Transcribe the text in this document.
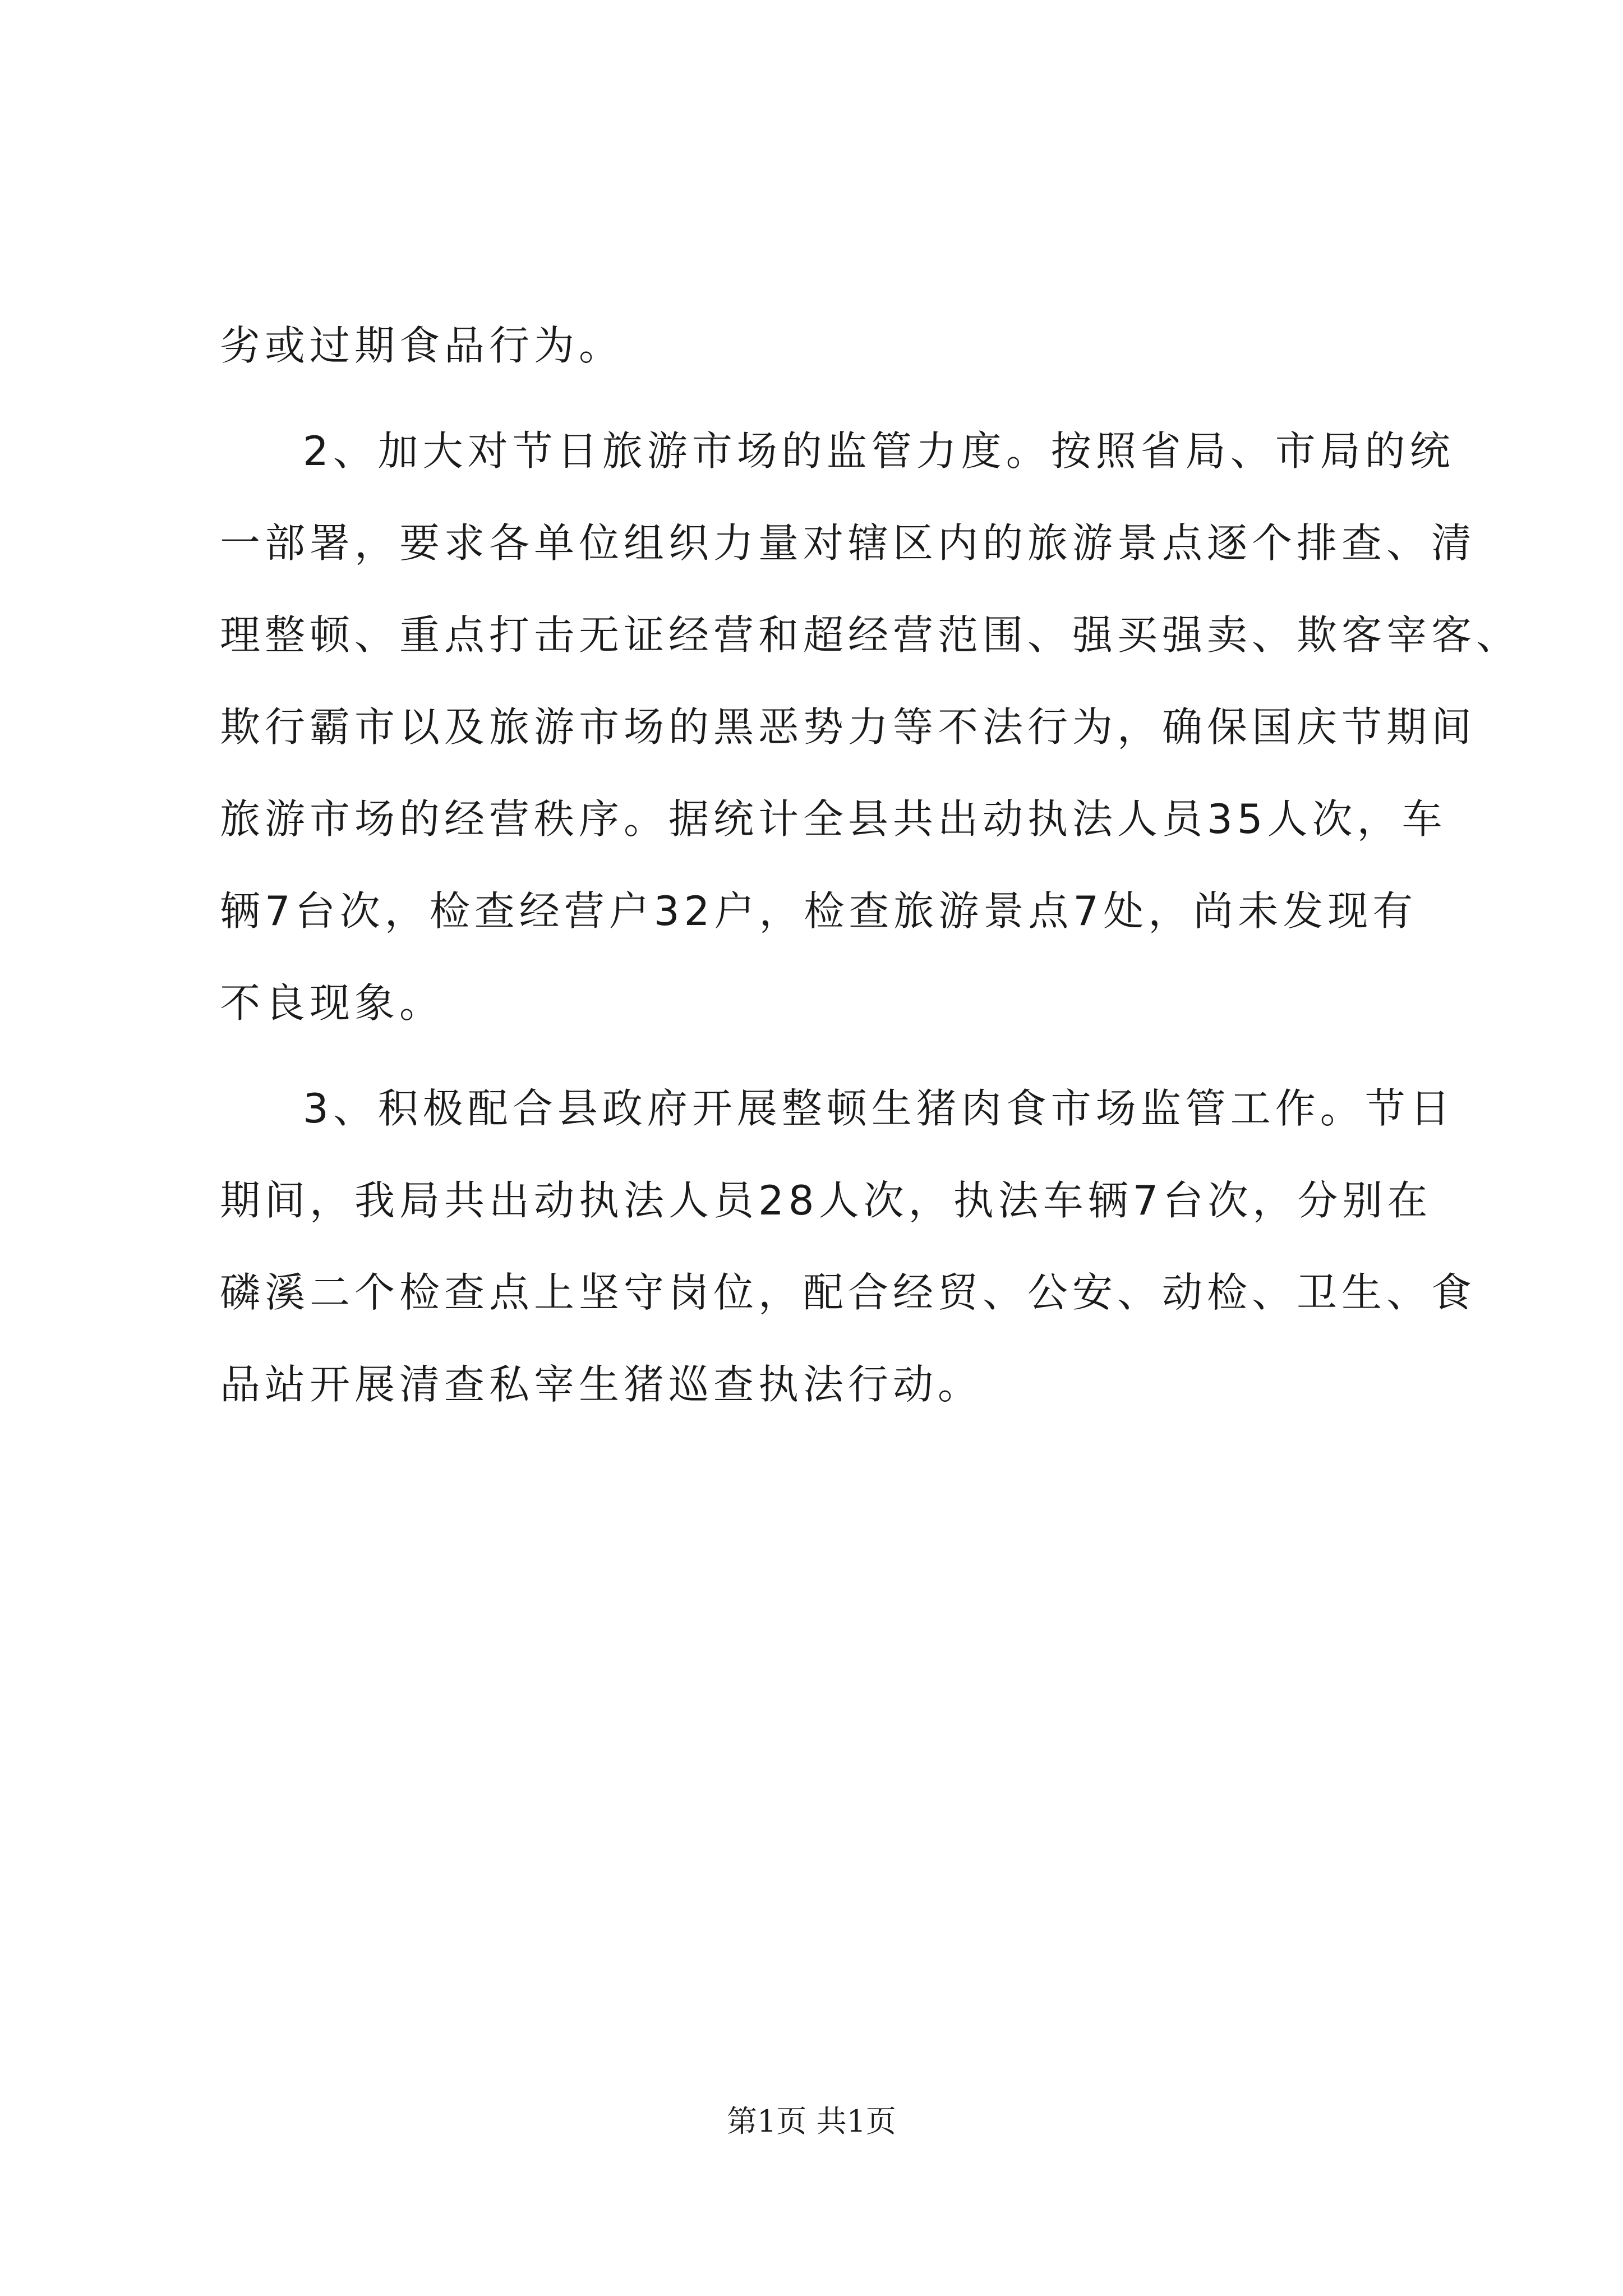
劣或过期食品行为。
2、加大对节日旅游市场的监管力度。按照省局、市局的统
一部署，要求各单位组织力量对辖区内的旅游景点逐个排查、清
理整顿、重点打击无证经营和超经营范围、强买强卖、欺客宰客、
欺行霸市以及旅游市场的黑恶势力等不法行为，确保国庆节期间
旅游市场的经营秩序。据统计全县共出动执法人员35人次，车
辆7台次，检查经营户32户，检查旅游景点7处，尚未发现有
不良现象。
3、积极配合县政府开展整顿生猪肉食市场监管工作。节日
期间，我局共出动执法人员28人次，执法车辆7台次，分别在
磷溪二个检查点上坚守岗位，配合经贸、公安、动检、卫生、食
品站开展清查私宰生猪巡查执法行动。
第1页 共1页
